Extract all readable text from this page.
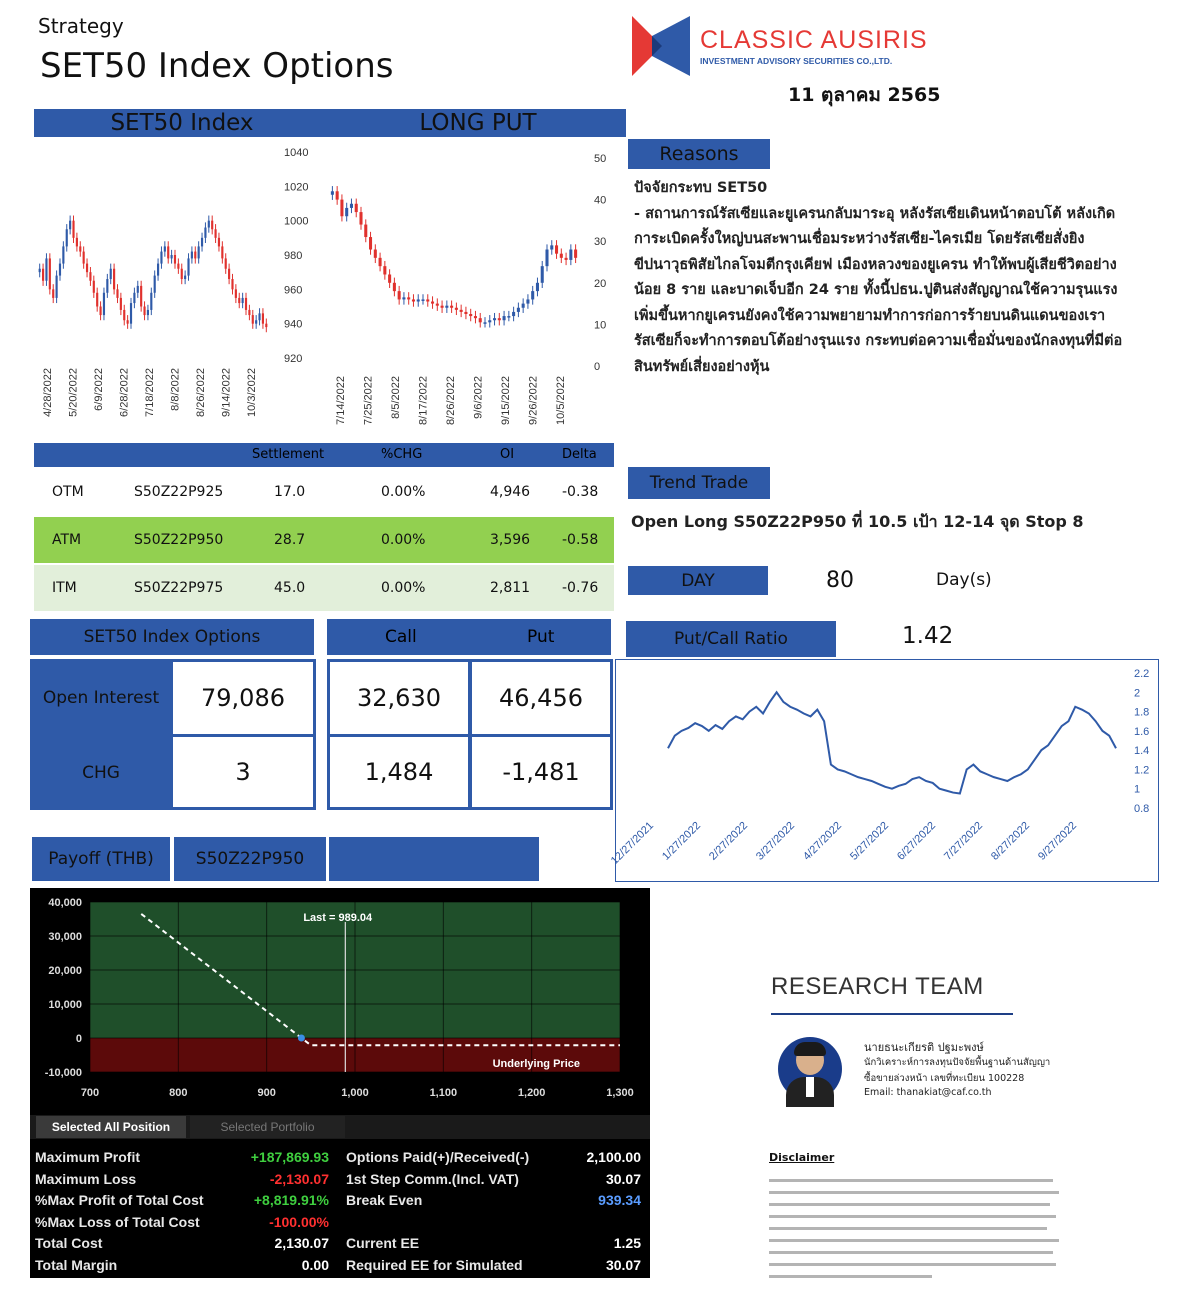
Strategy
SET50 Index Options
CLASSIC AUSIRIS
INVESTMENT ADVISORY SECURITIES CO.,LTD.
11 ตุลาคม 2565
SET50 Index	LONG PUT
1040
1020
1000
980
960
940
920
4/28/2022 5/20/2022 6/9/2022 6/28/2022 7/18/2022 8/8/2022 8/26/2022 9/14/2022 10/3/2022
50
40
30
20
10
0
7/14/2022 7/25/2022 8/5/2022 8/17/2022 8/26/2022 9/6/2022 9/15/2022 9/26/2022 10/5/2022
Settlement	%CHG	OI	Delta
OTM	S50Z22P925	17.0	0.00%	4,946 -0.38
ATM	S50Z22P950	28.7	0.00%	3,596 -0.58
ITM	S50Z22P975	45.0	0.00%	2,811 -0.76
SET50 Index Options	Call	Put
Open Interest	79,086
CHG	3
32,630	46,456
1,484	-1,481
Reasons
ปัจจัยกระทบ SET50
- สถานการณ์รัสเซียและยูเครนกลับมาระอุ หลังรัสเซียเดินหน้าตอบโต้ หลังเกิด
การะเบิดครั้งใหญ่บนสะพานเชื่อมระหว่างรัสเซีย-ไครเมีย โดยรัสเซียสั่งยิง
ขีปนาวุธพิสัยไกลโจมตีกรุงเคียฟ เมืองหลวงของยูเครน ทำให้พบผู้เสียชีวิตอย่าง
น้อย 8 ราย และบาดเจ็บอีก 24 ราย ทั้งนี้ปธน.ปูตินส่งสัญญาณใช้ความรุนแรง
เพิ่มขึ้นหากยูเครนยังคงใช้ความพยายามทำการก่อการร้ายบนดินแดนของเรา
รัสเซียก็จะทำการตอบโต้อย่างรุนแรง กระทบต่อความเชื่อมั่นของนักลงทุนที่มีต่อ
สินทรัพย์เสี่ยงอย่างหุ้น
Trend Trade
Open Long S50Z22P950 ที่ 10.5 เป้า 12-14 จุด Stop 8
DAY	80	Day(s)
Put/Call Ratio	1.42
2.2
2
1.8
1.6
1.4
1.2
1
0.8
12/27/2021 1/27/2022 2/27/2022 3/27/2022 4/27/2022 5/27/2022 6/27/2022 7/27/2022 8/27/2022 9/27/2022
Payoff (THB)	S50Z22P950
700	800	900	1,000	1,100	1,200	1,300
40,000
30,000
20,000
10,000
0
-10,000
Last = 989.04
Underlying Price
Selected All Position	Selected Portfolio
Maximum Profit	+187,869.93
Maximum Loss	-2,130.07
%Max Profit of Total Cost	+8,819.91%
%Max Loss of Total Cost	-100.00%
Total Cost	2,130.07
Total Margin	0.00
Options Paid(+)/Received(-)	2,100.00
1st Step Comm.(Incl. VAT)	30.07
Break Even	939.34
Current EE	1.25
Required EE for Simulated	30.07
RESEARCH TEAM
นายธนะเกียรติ ปฐมะพงษ์
นักวิเคราะห์การลงทุนปัจจัยพื้นฐานด้านสัญญา
ซื้อขายล่วงหน้า เลขที่ทะเบียน 100228
Email: thanakiat@caf.co.th
Disclaimer
